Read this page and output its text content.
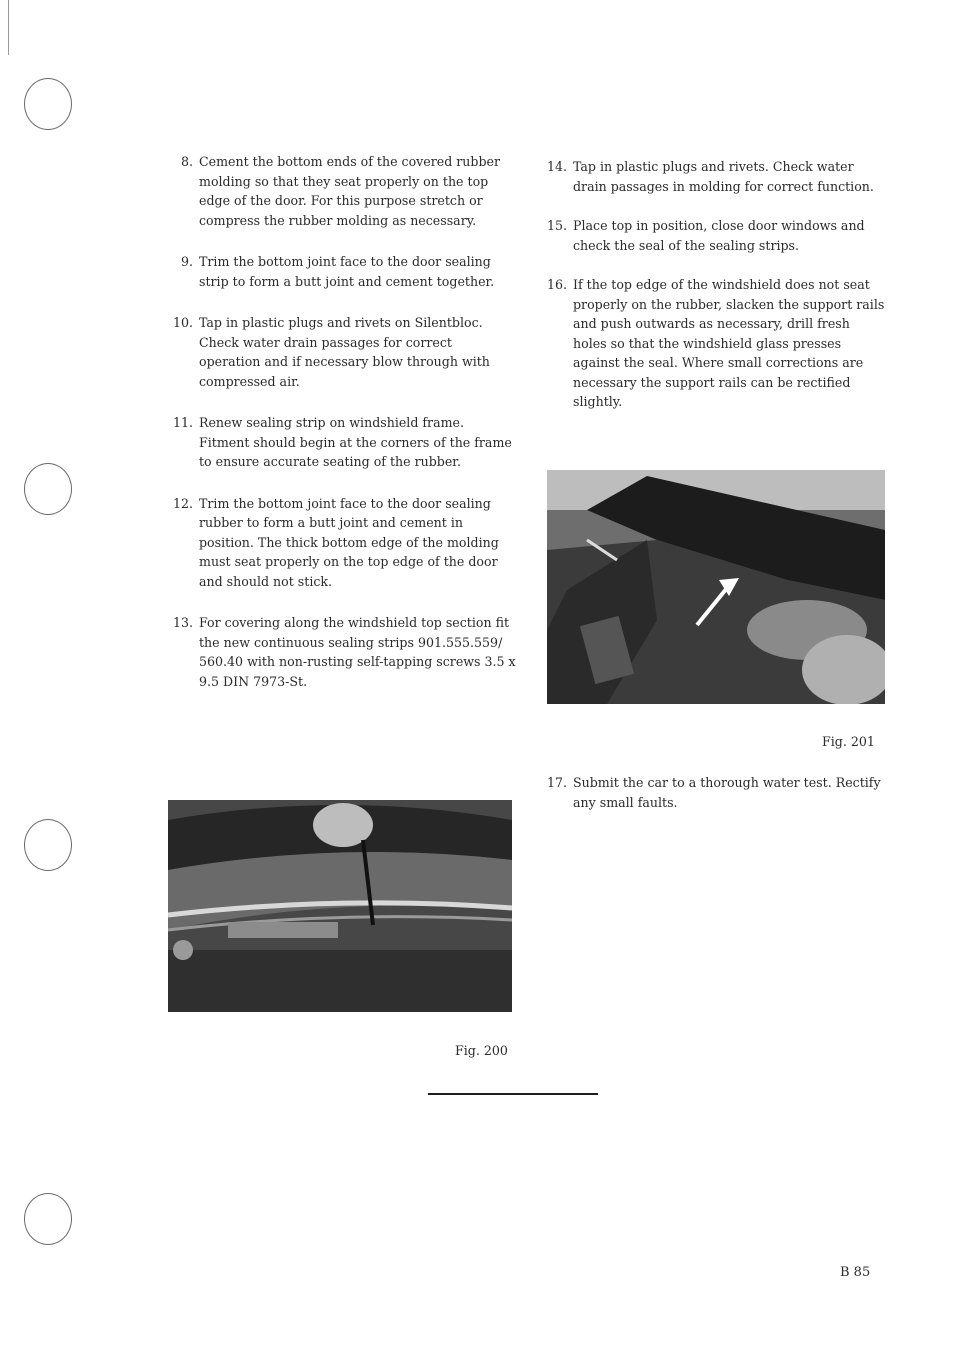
8. Cement the bottom ends of the covered rubber molding so that they seat properly on the top edge of the door. For this purpose stretch or compress the rubber molding as necessary.
9. Trim the bottom joint face to the door sealing strip to form a butt joint and cement together.
10. Tap in plastic plugs and rivets on Silentbloc. Check water drain passages for correct operation and if necessary blow through with compressed air.
11. Renew sealing strip on windshield frame. Fitment should begin at the corners of the frame to ensure accurate seating of the rubber.
12. Trim the bottom joint face to the door sealing rubber to form a butt joint and cement in position. The thick bottom edge of the molding must seat properly on the top edge of the door and should not stick.
13. For covering along the windshield top section fit the new continuous sealing strips 901.555.559/ 560.40 with non-rusting self-tapping screws 3.5 x 9.5 DIN 7973-St.
14. Tap in plastic plugs and rivets. Check water drain passages in molding for correct function.
15. Place top in position, close door windows and check the seal of the sealing strips.
16. If the top edge of the windshield does not seat properly on the rubber, slacken the support rails and push outwards as necessary, drill fresh holes so that the windshield glass presses against the seal. Where small corrections are necessary the support rails can be rectified slightly.
Fig. 201
17. Submit the car to a thorough water test. Rectify any small faults.
Fig. 200
B 85
